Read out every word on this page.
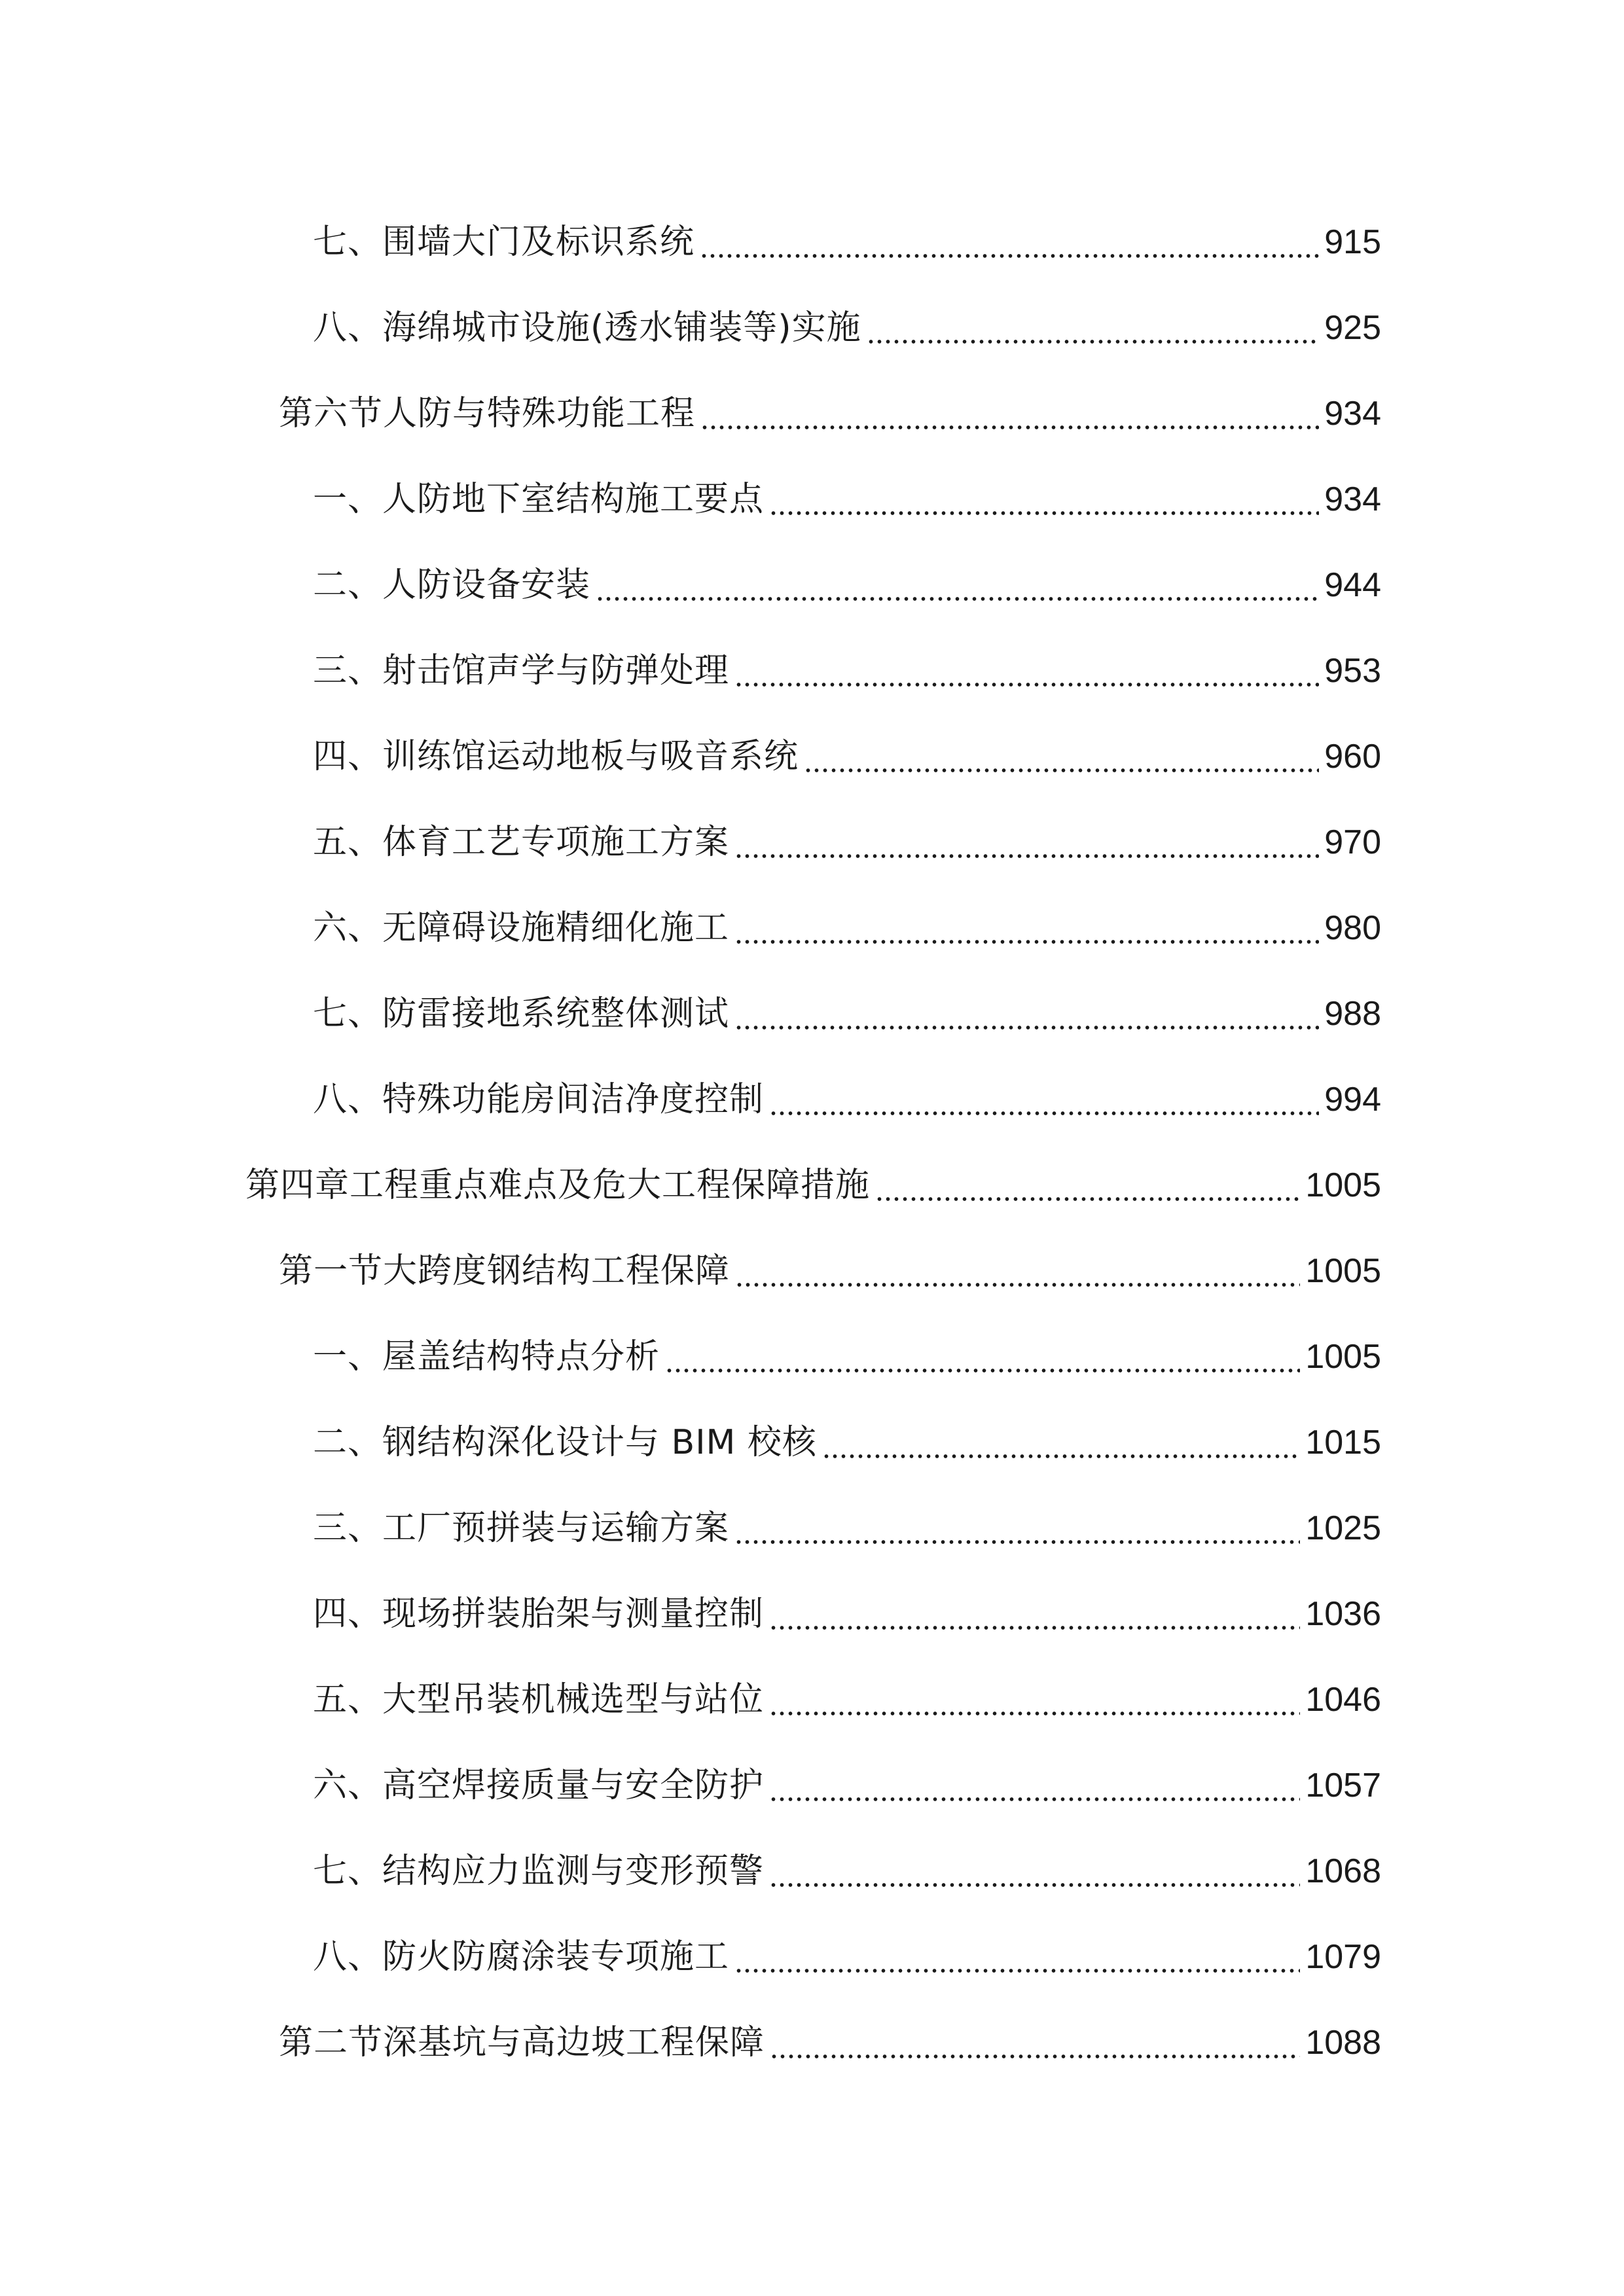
七、围墙大门及标识系统	915
八、海绵城市设施(透水铺装等)实施	925
第六节人防与特殊功能工程	934
一、人防地下室结构施工要点	934
二、人防设备安装	944
三、射击馆声学与防弹处理	953
四、训练馆运动地板与吸音系统	960
五、体育工艺专项施工方案	970
六、无障碍设施精细化施工	980
七、防雷接地系统整体测试	988
八、特殊功能房间洁净度控制	994
第四章工程重点难点及危大工程保障措施	1005
第一节大跨度钢结构工程保障	1005
一、屋盖结构特点分析	1005
二、钢结构深化设计与 BIM 校核	1015
三、工厂预拼装与运输方案	1025
四、现场拼装胎架与测量控制	1036
五、大型吊装机械选型与站位	1046
六、高空焊接质量与安全防护	1057
七、结构应力监测与变形预警	1068
八、防火防腐涂装专项施工	1079
第二节深基坑与高边坡工程保障	1088
